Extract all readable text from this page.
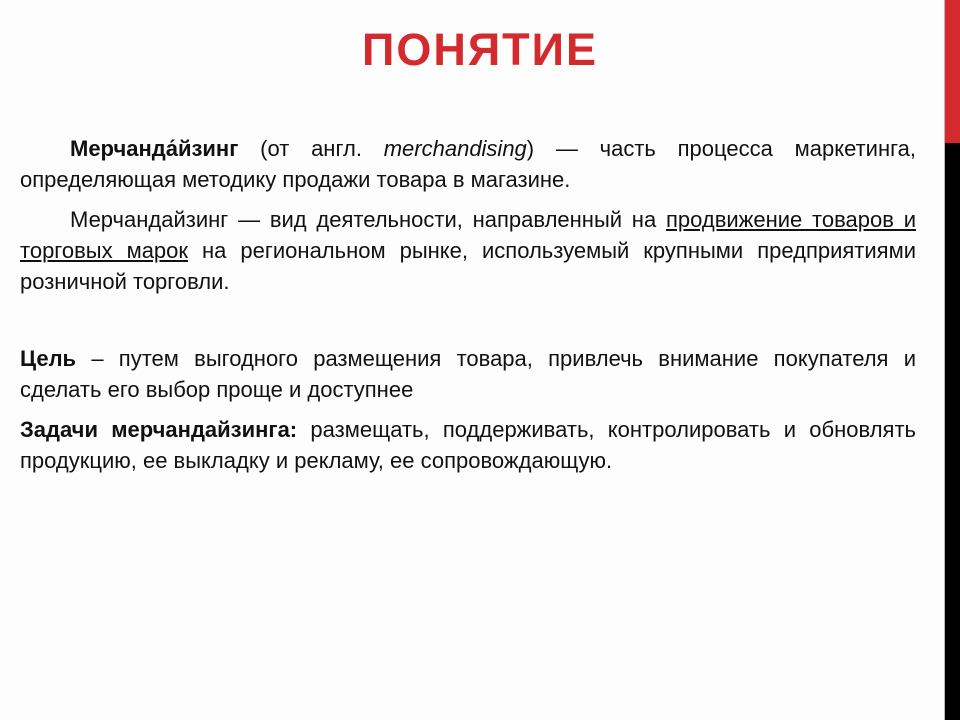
ПОНЯТИЕ

Мерчанда́йзинг (от англ. merchandising) — часть процесса маркетинга, определяющая методику продажи товара в магазине.

Мерчандайзинг — вид деятельности, направленный на продвижение товаров и торговых марок на региональном рынке, используемый крупными предприятиями розничной торговли.

Цель – путем выгодного размещения товара, привлечь внимание покупателя и сделать его выбор проще и доступнее

Задачи мерчандайзинга: размещать, поддерживать, контролировать и обновлять продукцию, ее выкладку и рекламу, ее сопровождающую.
